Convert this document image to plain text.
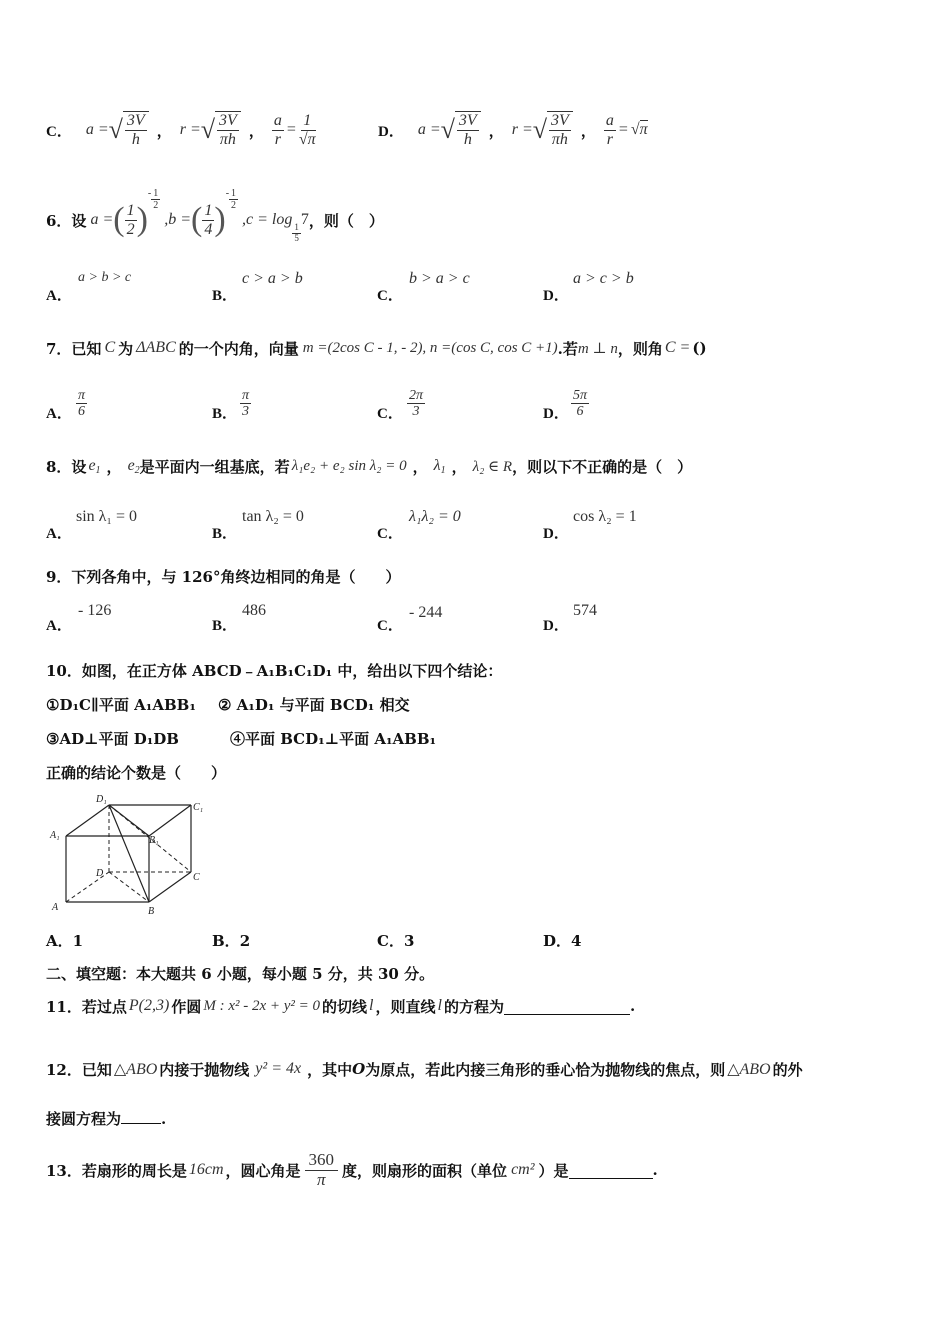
C． a = √ $\frac{3V}{h}$ ， r = √ $\frac{3V}{\pi h}$ ， $\frac{a}{r} = \frac{1}{√\pi}$	D． a = √ $\frac{3V}{h}$ ， r = √ $\frac{3V}{\pi h}$ ， $\frac{a}{r} = √\pi$
6．设 a = ( $\frac{1}{2}$ )
- $\frac{1}{2}$
,b = ( $\frac{1}{4}$ )
- $\frac{1}{2}$
,c = log
$\frac{1}{5}$
7 ，则（　）
A．
a > b > c
B．
c > a > b
C．
b > a > c
D．
a > c > b
7．已知 C 为 ΔABC 的一个内角，向量 m =(2cos C - 1, - 2), n =(cos C, cos C +1) .若 m ⊥ n ，则角 C = ()
A． $\frac{\pi}{6}$	B． $\frac{\pi}{3}$	C． $\frac{2\pi}{3}$	D． $\frac{5\pi}{6}$
8．设 $e_1$ ， $e_2$ 是平面内一组基底，若 λ₁e₂ + e₂ sin λ₂ = 0 ， $\lambda_1$ ， λ₂ ∈ R ，则以下不正确的是（　）
A．
sin λ₁ = 0
B．
tan λ₂ = 0
C．
λ₁λ₂ = 0
D．
cos λ₂ = 1
9．下列各角中，与 126°角终边相同的角是（　　）
A．
- 126
B．
486
C．
- 244
D．
574
10．如图，在正方体 ABCD﹣A₁B₁C₁D₁ 中，给出以下四个结论：
①D₁C∥平面 A₁ABB₁ ② A₁D₁ 与平面 BCD₁ 相交
③AD⊥平面 D₁DB	④平面 BCD₁⊥平面 A₁ABB₁
正确的结论个数是（　　）
D₁
C₁
A₁	B₁
D	C
A	B
A．1	B．2	C．3	D．4
二、填空题：本大题共 6 小题，每小题 5 分，共 30 分。
11．若过点 P(2,3) 作圆 M : x² - 2x + y² = 0 的切线 l ，则直线 l 的方程为	.
12．已知 △ABO 内接于抛物线 y² = 4x ，其中 O 为原点，若此内接三角形的垂心恰为抛物线的焦点，则 △ABO 的外
接圆方程为	.
13．若扇形的周长是 16cm ，圆心角是 $\frac{360}{\pi}$ 度，则扇形的面积（单位 cm² ）是	.
